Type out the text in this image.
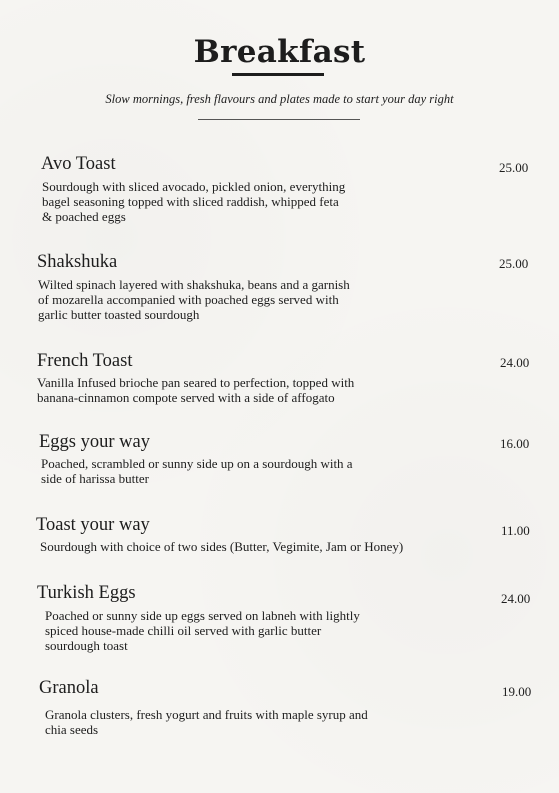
Breakfast
Slow mornings, fresh flavours and plates made to start your day right
Avo Toast
Sourdough with sliced avocado, pickled onion, everything
bagel seasoning topped with sliced raddish, whipped feta
& poached eggs
25.00
Shakshuka
Wilted spinach layered with shakshuka, beans and a garnish
of mozarella accompanied with poached eggs served with
garlic butter toasted sourdough
25.00
French Toast
Vanilla Infused brioche pan seared to perfection, topped with
banana-cinnamon compote served with a side of affogato
24.00
Eggs your way
Poached, scrambled or sunny side up on a sourdough with a
side of harissa butter
16.00
Toast your way
Sourdough with choice of two sides (Butter, Vegimite, Jam or Honey)
11.00
Turkish Eggs
Poached or sunny side up eggs served on labneh with lightly
spiced house-made chilli oil served with garlic butter
sourdough toast
24.00
Granola
Granola clusters, fresh yogurt and fruits with maple syrup and
chia seeds
19.00
